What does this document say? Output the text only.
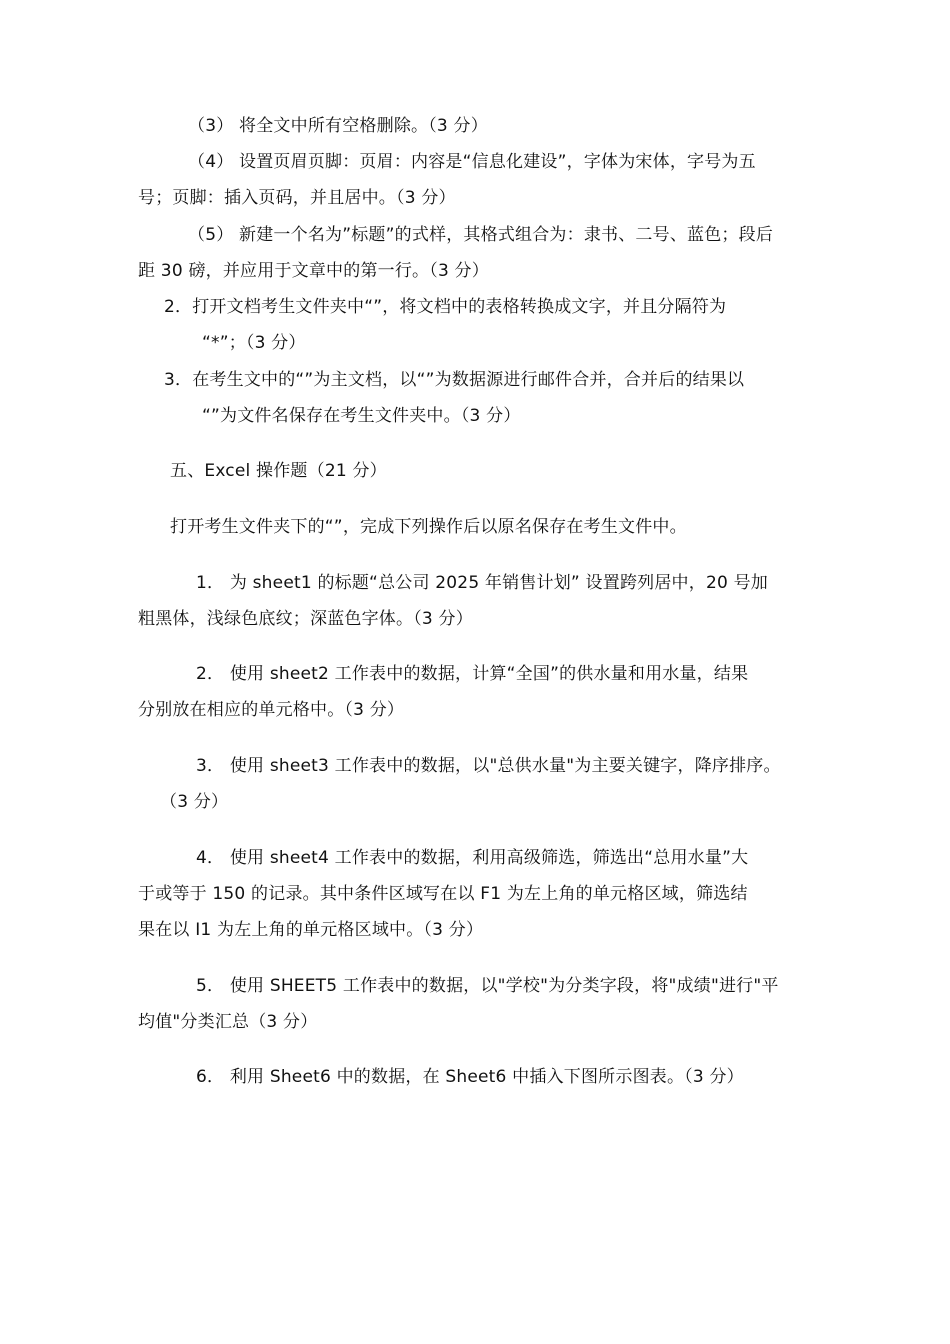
（3） 将全文中所有空格删除。（3 分）
（4） 设置页眉页脚：页眉：内容是“信息化建设”，字体为宋体，字号为五
号；页脚：插入页码，并且居中。（3 分）
（5） 新建一个名为”标题”的式样，其格式组合为：隶书、二号、蓝色；段后
距 30 磅，并应用于文章中的第一行。（3 分）
2．打开文档考生文件夹中“”，将文档中的表格转换成文字，并且分隔符为
“*”；（3 分）
3．在考生文中的“”为主文档，以“”为数据源进行邮件合并，合并后的结果以
“”为文件名保存在考生文件夹中。（3 分）
五、Excel 操作题（21 分）
打开考生文件夹下的“”，完成下列操作后以原名保存在考生文件中。
1． 为 sheet1 的标题“总公司 2025 年销售计划” 设置跨列居中，20 号加
粗黑体，浅绿色底纹；深蓝色字体。（3 分）
2． 使用 sheet2 工作表中的数据，计算“全国”的供水量和用水量，结果
分别放在相应的单元格中。（3 分）
3． 使用 sheet3 工作表中的数据，以"总供水量"为主要关键字，降序排序。
（3 分）
4． 使用 sheet4 工作表中的数据，利用高级筛选，筛选出“总用水量”大
于或等于 150 的记录。其中条件区域写在以 F1 为左上角的单元格区域，筛选结
果在以 I1 为左上角的单元格区域中。（3 分）
5． 使用 SHEET5 工作表中的数据，以"学校"为分类字段，将"成绩"进行"平
均值"分类汇总（3 分）
6． 利用 Sheet6 中的数据，在 Sheet6 中插入下图所示图表。（3 分）
